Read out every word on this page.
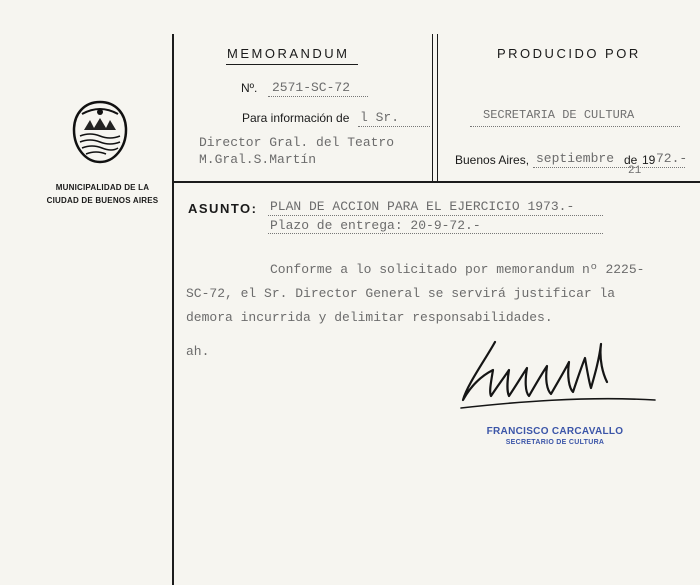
MUNICIPALIDAD DE LA
CIUDAD DE BUENOS AIRES
MEMORANDUM
Nº. 2571-SC-72
Para información de l Sr.
Director Gral. del Teatro
M.Gral.S.Martín
PRODUCIDO POR
SECRETARIA DE CULTURA
Buenos Aires, septiembre de 19 72.-
21
ASUNTO: PLAN DE ACCION PARA EL EJERCICIO 1973.-
Plazo de entrega: 20-9-72.-
Conforme a lo solicitado por memorandum nº 2225-
SC-72, el Sr. Director General se servirá justificar la
demora incurrida y delimitar responsabilidades.
ah.
FRANCISCO CARCAVALLO
SECRETARIO DE CULTURA
